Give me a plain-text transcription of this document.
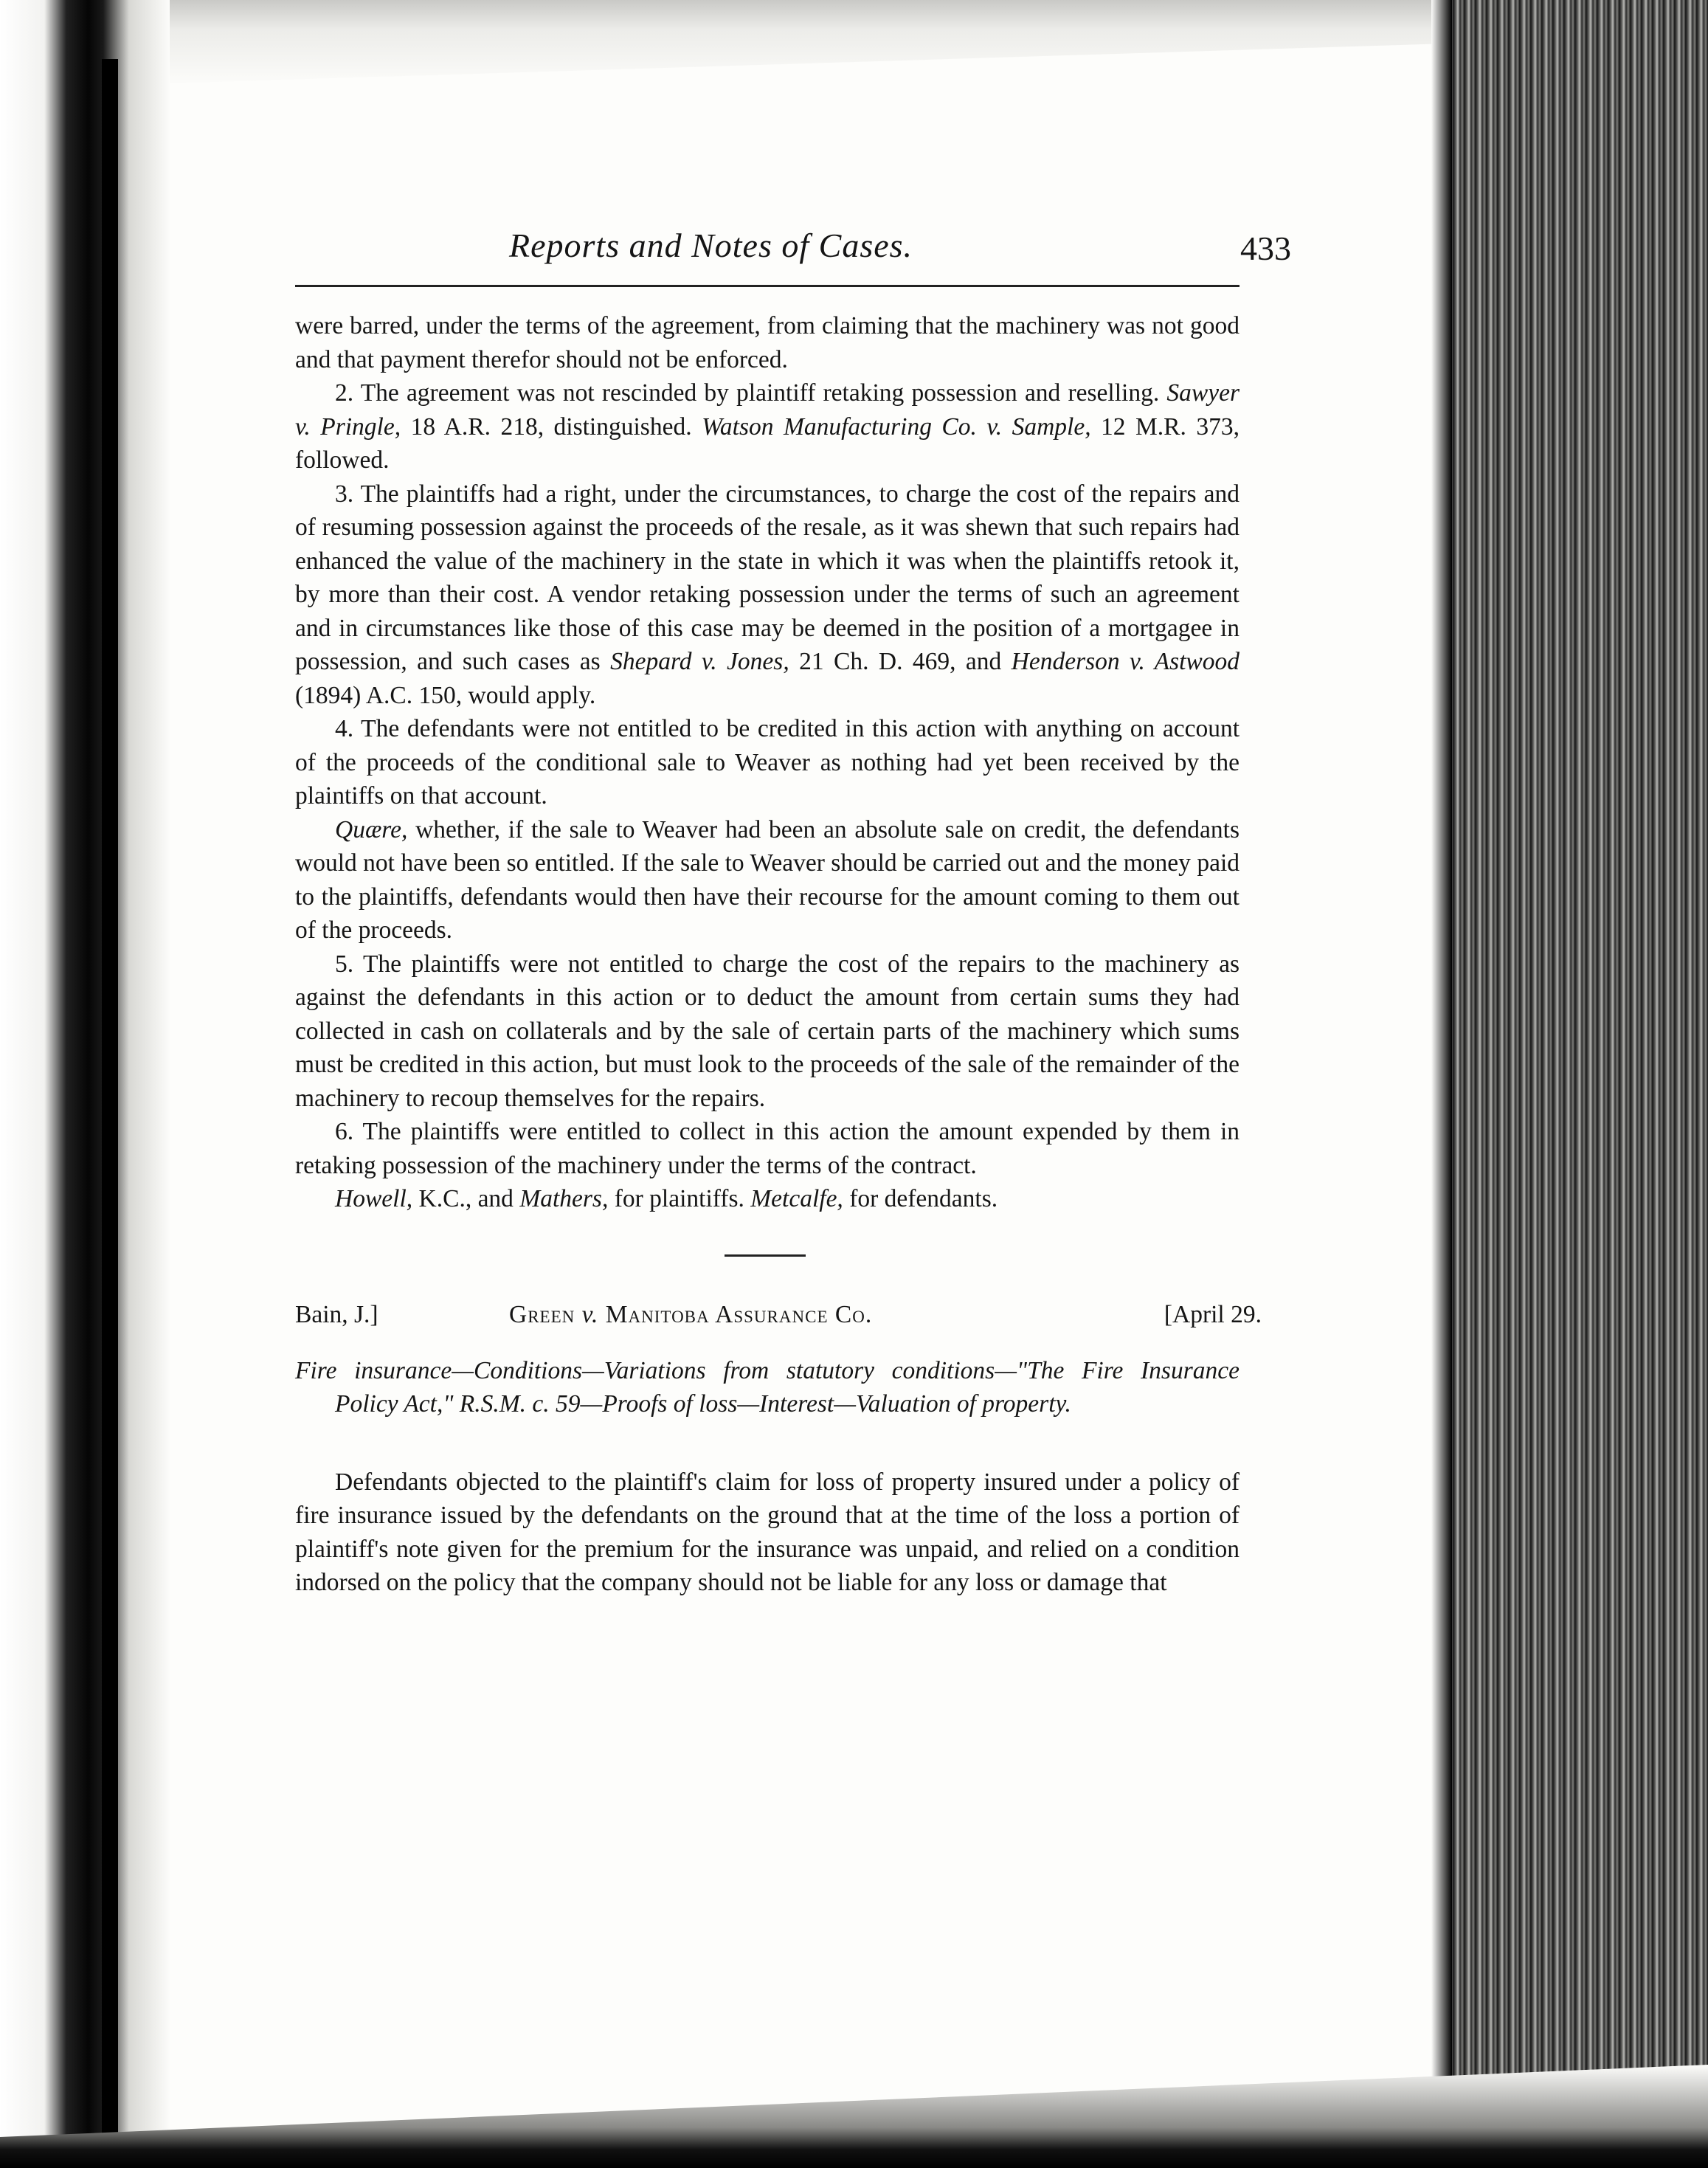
Reports and Notes of Cases.	433

were barred, under the terms of the agreement, from claiming that the machinery was not good and that payment therefor should not be enforced.

2. The agreement was not rescinded by plaintiff retaking possession and reselling. Sawyer v. Pringle, 18 A.R. 218, distinguished. Watson Manufacturing Co. v. Sample, 12 M.R. 373, followed.

3. The plaintiffs had a right, under the circumstances, to charge the cost of the repairs and of resuming possession against the proceeds of the resale, as it was shewn that such repairs had enhanced the value of the machinery in the state in which it was when the plaintiffs retook it, by more than their cost. A vendor retaking possession under the terms of such an agreement and in circumstances like those of this case may be deemed in the position of a mortgagee in possession, and such cases as Shepard v. Jones, 21 Ch. D. 469, and Henderson v. Astwood (1894) A.C. 150, would apply.

4. The defendants were not entitled to be credited in this action with anything on account of the proceeds of the conditional sale to Weaver as nothing had yet been received by the plaintiffs on that account.

Quære, whether, if the sale to Weaver had been an absolute sale on credit, the defendants would not have been so entitled. If the sale to Weaver should be carried out and the money paid to the plaintiffs, defendants would then have their recourse for the amount coming to them out of the proceeds.

5. The plaintiffs were not entitled to charge the cost of the repairs to the machinery as against the defendants in this action or to deduct the amount from certain sums they had collected in cash on collaterals and by the sale of certain parts of the machinery which sums must be credited in this action, but must look to the proceeds of the sale of the remainder of the machinery to recoup themselves for the repairs.

6. The plaintiffs were entitled to collect in this action the amount expended by them in retaking possession of the machinery under the terms of the contract.

Howell, K.C., and Mathers, for plaintiffs. Metcalfe, for defendants.

Bain, J.]	Green v. Manitoba Assurance Co.	[April 29.

Fire insurance—Conditions—Variations from statutory conditions—"The Fire Insurance Policy Act," R.S.M. c. 59—Proofs of loss—Interest—Valuation of property.

Defendants objected to the plaintiff's claim for loss of property insured under a policy of fire insurance issued by the defendants on the ground that at the time of the loss a portion of plaintiff's note given for the premium for the insurance was unpaid, and relied on a condition indorsed on the policy that the company should not be liable for any loss or damage that
